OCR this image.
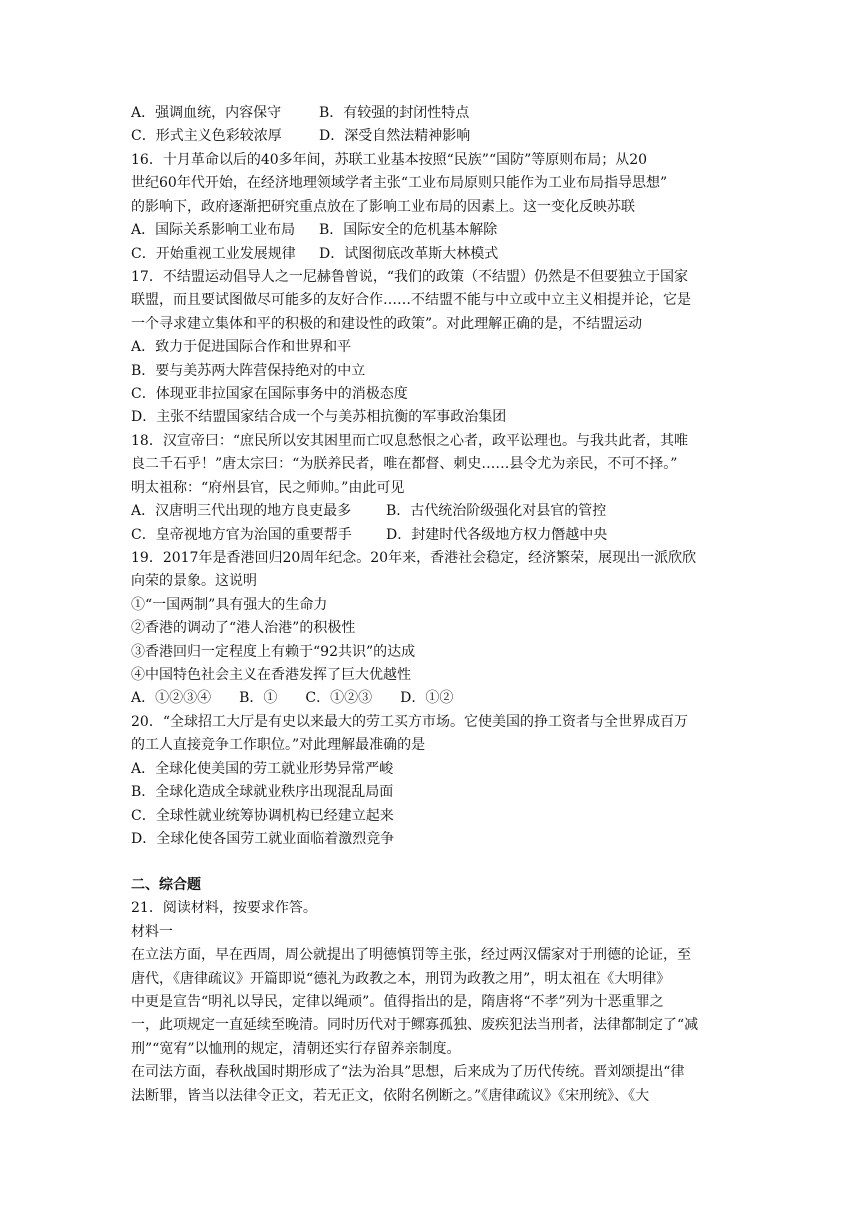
A．强调血统，内容保守	B．有较强的封闭性特点
C．形式主义色彩较浓厚	D．深受自然法精神影响
16．十月革命以后的40多年间，苏联工业基本按照“民族”“国防”等原则布局；从20
世纪60年代开始，在经济地理领域学者主张“工业布局原则只能作为工业布局指导思想”
的影响下，政府逐渐把研究重点放在了影响工业布局的因素上。这一变化反映苏联
A．国际关系影响工业布局	B．国际安全的危机基本解除
C．开始重视工业发展规律	D．试图彻底改革斯大林模式
17．不结盟运动倡导人之一尼赫鲁曾说，“我们的政策（不结盟）仍然是不但要独立于国家
联盟，而且要试图做尽可能多的友好合作……不结盟不能与中立或中立主义相提并论，它是
一个寻求建立集体和平的积极的和建设性的政策”。对此理解正确的是，不结盟运动
A．致力于促进国际合作和世界和平
B．要与美苏两大阵营保持绝对的中立
C．体现亚非拉国家在国际事务中的消极态度
D．主张不结盟国家结合成一个与美苏相抗衡的军事政治集团
18．汉宣帝曰：“庶民所以安其困里而亡叹息愁恨之心者，政平讼理也。与我共此者，其唯
良二千石乎！”唐太宗曰：“为朕养民者，唯在都督、刺史……县令尤为亲民，不可不择。”
明太祖称：“府州县官，民之师帅。”由此可见
A．汉唐明三代出现的地方良吏最多	B．古代统治阶级强化对县官的管控
C．皇帝视地方官为治国的重要帮手	D．封建时代各级地方权力僭越中央
19．2017年是香港回归20周年纪念。20年来，香港社会稳定，经济繁荣，展现出一派欣欣
向荣的景象。这说明
①“一国两制”具有强大的生命力
②香港的调动了“港人治港”的积极性
③香港回归一定程度上有赖于“92共识”的达成
④中国特色社会主义在香港发挥了巨大优越性
A．①②③④ B．① C．①②③ D．①②
20．“全球招工大厅是有史以来最大的劳工买方市场。它使美国的挣工资者与全世界成百万
的工人直接竞争工作职位。”对此理解最准确的是
A．全球化使美国的劳工就业形势异常严峻
B．全球化造成全球就业秩序出现混乱局面
C．全球性就业统筹协调机构已经建立起来
D．全球化使各国劳工就业面临着激烈竞争
二、综合题
21．阅读材料，按要求作答。
材料一
在立法方面，早在西周，周公就提出了明德慎罚等主张，经过两汉儒家对于刑德的论证，至
唐代，《唐律疏议》开篇即说“德礼为政教之本，刑罚为政教之用”，明太祖在《大明律》
中更是宣告“明礼以导民，定律以绳顽”。值得指出的是，隋唐将“不孝”列为十恶重罪之
一，此项规定一直延续至晚清。同时历代对于鳏寡孤独、废疾犯法当刑者，法律都制定了“减
刑”“宽宥”以恤刑的规定，清朝还实行存留养亲制度。
在司法方面，春秋战国时期形成了“法为治具”思想，后来成为了历代传统。晋刘颂提出“律
法断罪，皆当以法律令正文，若无正文，依附名例断之。”《唐律疏议》《宋刑统》、《大
